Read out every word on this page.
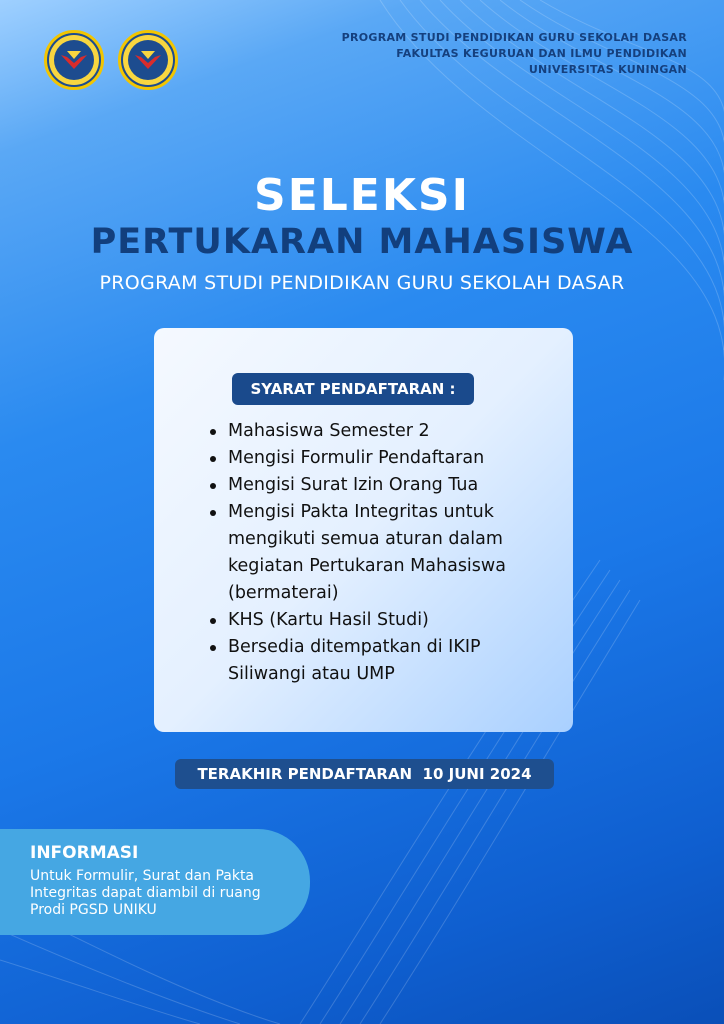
PROGRAM STUDI PENDIDIKAN GURU SEKOLAH DASAR
FAKULTAS KEGURUAN DAN ILMU PENDIDIKAN
UNIVERSITAS KUNINGAN
SELEKSI
PERTUKARAN MAHASISWA
PROGRAM STUDI PENDIDIKAN GURU SEKOLAH DASAR
SYARAT PENDAFTARAN :
Mahasiswa Semester 2
Mengisi Formulir Pendaftaran
Mengisi Surat Izin Orang Tua
Mengisi Pakta Integritas untuk mengikuti semua aturan dalam kegiatan Pertukaran Mahasiswa (bermaterai)
KHS (Kartu Hasil Studi)
Bersedia ditempatkan di IKIP Siliwangi atau UMP
TERAKHIR PENDAFTARAN  10 JUNI 2024
INFORMASI
Untuk Formulir, Surat dan Pakta Integritas dapat diambil di ruang Prodi PGSD UNIKU
